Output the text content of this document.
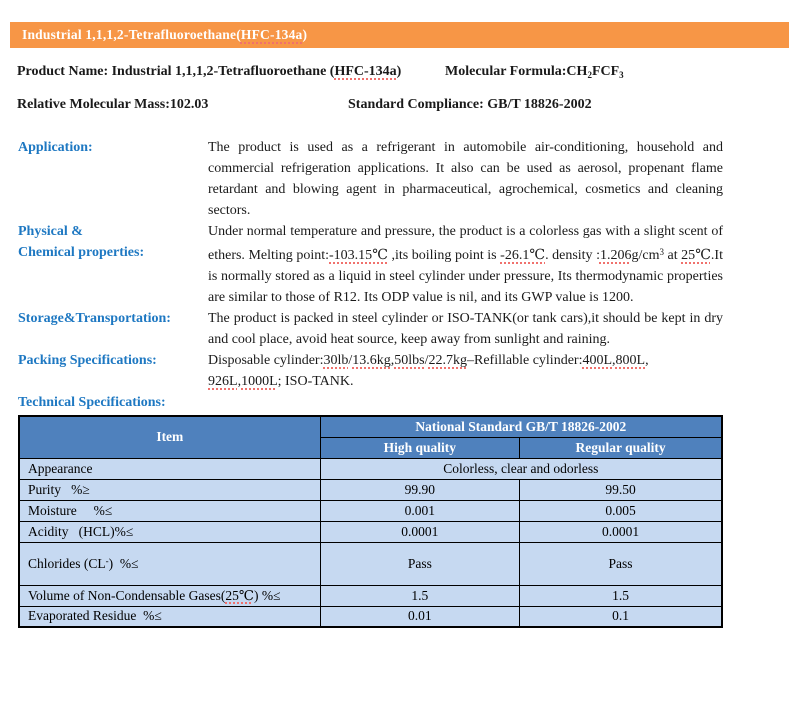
Industrial 1,1,1,2-Tetrafluoroethane(HFC-134a)
Product Name: Industrial 1,1,1,2-Tetrafluoroethane (HFC-134a)	Molecular $Formula:CH_2FCF_3$
Relative Molecular Mass:102.03	Standard Compliance: GB/T 18826-2002
Application:	The product is used as a refrigerant in automobile air-conditioning, household and commercial refrigeration applications. It also can be used as aerosol, propenant flame retardant and blowing agent in pharmaceutical, agrochemical, cosmetics and cleaning sectors.
Physical &
Chemical properties:
Under normal temperature and pressure, the product is a colorless gas with a slight scent of ethers. Melting point:-103.15℃ ,its boiling point is -26.1℃. density $:1.206g/cm^3$ at 25℃.It is normally stored as a liquid in steel cylinder under pressure, Its thermodynamic properties are similar to those of R12. Its ODP value is nil, and its GWP value is 1200.
Storage&Transportation:	The product is packed in steel cylinder or ISO-TANK(or tank cars),it should be kept in dry and cool place, avoid heat source, keep away from sunlight and raining.
Packing Specifications:	Disposable cylinder:30lb/13.6kg,50lbs/22.7kg–Refillable cylinder:400L,800L,
926L,1000L; ISO-TANK.
Technical Specifications:
Item	National Standard GB/T 18826-2002	
	High quality	Regular quality
Appearance	Colorless, clear and odorless	
Purity   %≥	99.90	99.50
Moisture     %≤	0.001	0.005
Acidity   (HCL)%≤	0.0001	0.0001
Chlorides (CL-)  %≤	Pass	Pass
Volume of Non-Condensable Gases(25℃) %≤	1.5	1.5
Evaporated Residue  %≤	0.01	0.1
